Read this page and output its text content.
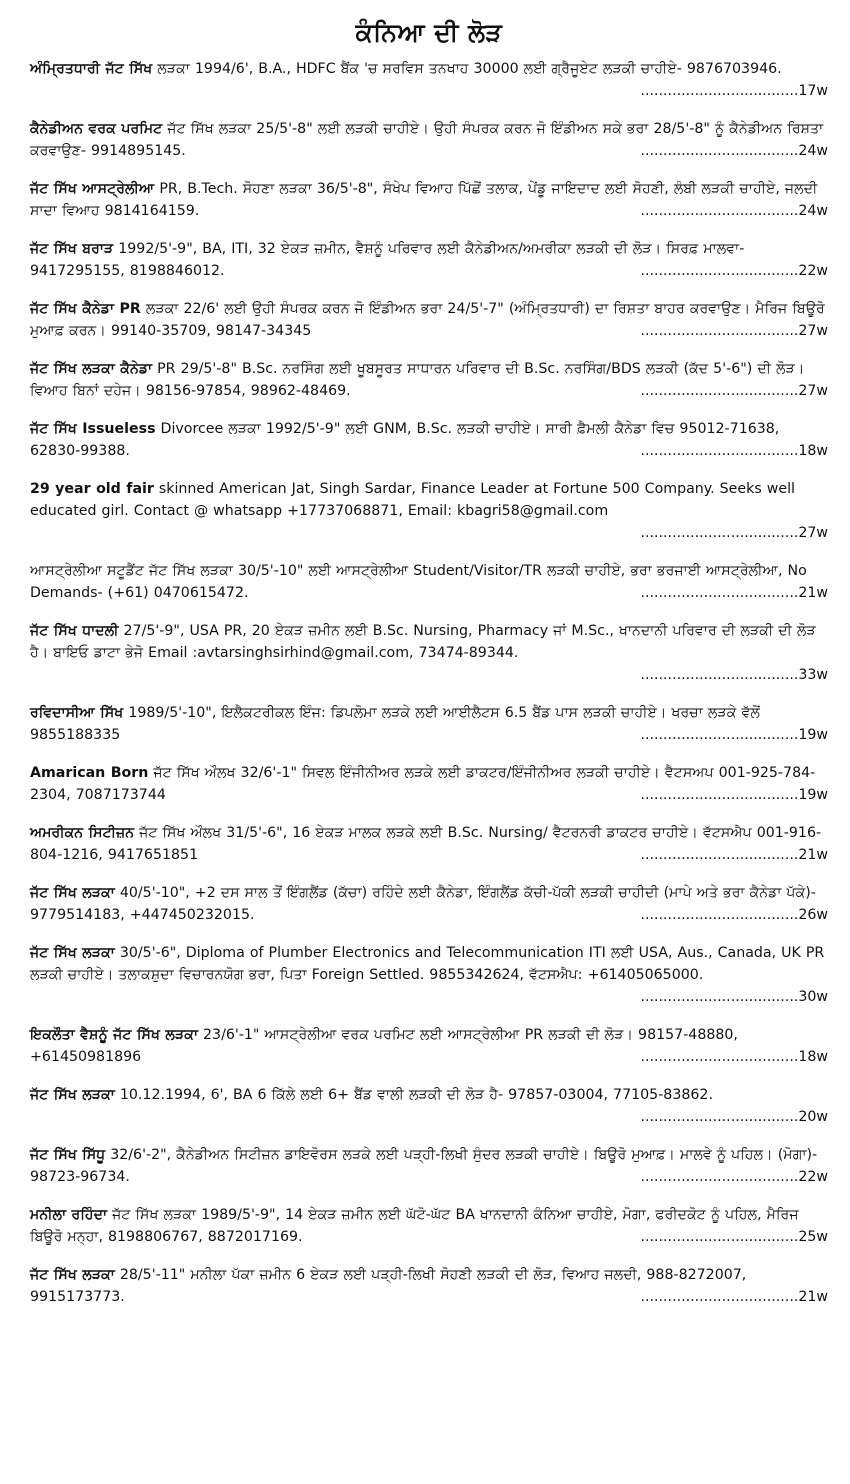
ਕੰਨਿਆ ਦੀ ਲੋੜ
ਅੰਮ੍ਰਿਤਧਾਰੀ ਜੱਟ ਸਿੱਖ ਲੜਕਾ 1994/6', B.A., HDFC ਬੈਂਕ 'ਚ ਸਰਵਿਸ ਤਨਖਾਹ 30000 ਲਈ ਗ੍ਰੈਜੂਏਟ ਲੜਕੀ ਚਾਹੀਏ- 9876703946.
...................................17w
ਕੈਨੇਡੀਅਨ ਵਰਕ ਪਰਮਿਟ ਜੱਟ ਸਿੱਖ ਲੜਕਾ 25/5'-8" ਲਈ ਲੜਕੀ ਚਾਹੀਏ। ਉਹੀ ਸੰਪਰਕ ਕਰਨ ਜੋ ਇੰਡੀਅਨ ਸਕੇ ਭਰਾ 28/5'-8" ਨੂੰ ਕੈਨੇਡੀਅਨ ਰਿਸ਼ਤਾ ਕਰਵਾਉਣ- 9914895145.	...................................24w
ਜੱਟ ਸਿੱਖ ਆਸਟ੍ਰੇਲੀਆ PR, B.Tech. ਸੋਹਣਾ ਲੜਕਾ 36/5'-8", ਸੰਖੇਪ ਵਿਆਹ ਪਿੱਛੋਂ ਤਲਾਕ, ਪੇਂਡੂ ਜਾਇਦਾਦ ਲਈ ਸੋਹਣੀ, ਲੰਬੀ ਲੜਕੀ ਚਾਹੀਏ, ਜਲਦੀ ਸਾਦਾ ਵਿਆਹ 9814164159.	...................................24w
ਜੱਟ ਸਿੱਖ ਬਰਾੜ 1992/5'-9", BA, ITI, 32 ਏਕੜ ਜ਼ਮੀਨ, ਵੈਸ਼ਨੂੰ ਪਰਿਵਾਰ ਲਈ ਕੈਨੇਡੀਅਨ/ਅਮਰੀਕਾ ਲੜਕੀ ਦੀ ਲੋੜ। ਸਿਰਫ਼ ਮਾਲਵਾ- 9417295155, 8198846012.	...................................22w
ਜੱਟ ਸਿੱਖ ਕੈਨੇਡਾ PR ਲੜਕਾ 22/6' ਲਈ ਉਹੀ ਸੰਪਰਕ ਕਰਨ ਜੋ ਇੰਡੀਅਨ ਭਰਾ 24/5'-7" (ਅੰਮ੍ਰਿਤਧਾਰੀ) ਦਾ ਰਿਸ਼ਤਾ ਬਾਹਰ ਕਰਵਾਉਣ। ਮੈਰਿਜ ਬਿਊਰੋ ਮੁਆਫ਼ ਕਰਨ। 99140-35709, 98147-34345	...................................27w
ਜੱਟ ਸਿੱਖ ਲੜਕਾ ਕੈਨੇਡਾ PR 29/5'-8" B.Sc. ਨਰਸਿੰਗ ਲਈ ਖੂਬਸੂਰਤ ਸਾਧਾਰਨ ਪਰਿਵਾਰ ਦੀ B.Sc. ਨਰਸਿੰਗ/BDS ਲੜਕੀ (ਕੱਦ 5'-6") ਦੀ ਲੋੜ। ਵਿਆਹ ਬਿਨਾਂ ਦਹੇਜ। 98156-97854, 98962-48469.	...................................27w
ਜੱਟ ਸਿੱਖ Issueless Divorcee ਲੜਕਾ 1992/5'-9" ਲਈ GNM, B.Sc. ਲੜਕੀ ਚਾਹੀਏ। ਸਾਰੀ ਫ਼ੈਮਲੀ ਕੈਨੇਡਾ ਵਿਚ 95012-71638, 62830-99388.	...................................18w
29 year old fair skinned American Jat, Singh Sardar, Finance Leader at Fortune 500 Company. Seeks well educated girl. Contact @ whatsapp +17737068871, Email: kbagri58@gmail.com
...................................27w
ਆਸਟ੍ਰੇਲੀਆ ਸਟੂਡੈਂਟ ਜੱਟ ਸਿੱਖ ਲੜਕਾ 30/5'-10" ਲਈ ਆਸਟ੍ਰੇਲੀਆ Student/Visitor/TR ਲੜਕੀ ਚਾਹੀਏ, ਭਰਾ ਭਰਜਾਈ ਆਸਟ੍ਰੇਲੀਆ, No Demands- (+61) 0470615472.	...................................21w
ਜੱਟ ਸਿੱਖ ਧਾਦਲੀ 27/5'-9", USA PR, 20 ਏਕੜ ਜ਼ਮੀਨ ਲਈ B.Sc. Nursing, Pharmacy ਜਾਂ M.Sc., ਖਾਨਦਾਨੀ ਪਰਿਵਾਰ ਦੀ ਲੜਕੀ ਦੀ ਲੋੜ ਹੈ। ਬਾਇਓ ਡਾਟਾ ਭੇਜੋ Email :avtarsinghsirhind@gmail.com, 73474-89344.
...................................33w
ਰਵਿਦਾਸੀਆ ਸਿੱਖ 1989/5'-10", ਇਲੈਕਟਰੀਕਲ ਇੰਜ: ਡਿਪਲੋਮਾ ਲੜਕੇ ਲਈ ਆਈਲੈਟਸ 6.5 ਬੈਂਡ ਪਾਸ ਲੜਕੀ ਚਾਹੀਏ। ਖਰਚਾ ਲੜਕੇ ਵੱਲੋਂ 9855188335	...................................19w
Amarican Born ਜੱਟ ਸਿੱਖ ਔਲਖ 32/6'-1" ਸਿਵਲ ਇੰਜੀਨੀਅਰ ਲੜਕੇ ਲਈ ਡਾਕਟਰ/ਇੰਜੀਨੀਅਰ ਲੜਕੀ ਚਾਹੀਏ। ਵੈਟਸਅਪ 001-925-784-2304, 7087173744	...................................19w
ਅਮਰੀਕਨ ਸਿਟੀਜ਼ਨ ਜੱਟ ਸਿੱਖ ਔਲਖ 31/5'-6", 16 ਏਕੜ ਮਾਲਕ ਲੜਕੇ ਲਈ B.Sc. Nursing/ ਵੈਟਰਨਰੀ ਡਾਕਟਰ ਚਾਹੀਏ। ਵੱਟਸਐਪ 001-916-804-1216, 9417651851	...................................21w
ਜੱਟ ਸਿੱਖ ਲੜਕਾ 40/5'-10", +2 ਦਸ ਸਾਲ ਤੋਂ ਇੰਗਲੈਂਡ (ਕੱਚਾ) ਰਹਿੰਦੇ ਲਈ ਕੈਨੇਡਾ, ਇੰਗਲੈਂਡ ਕੱਚੀ-ਪੱਕੀ ਲੜਕੀ ਚਾਹੀਦੀ (ਮਾਪੇ ਅਤੇ ਭਰਾ ਕੈਨੇਡਾ ਪੱਕੇ)- 9779514183, +447450232015.	...................................26w
ਜੱਟ ਸਿੱਖ ਲੜਕਾ 30/5'-6", Diploma of Plumber Electronics and Telecommunication ITI ਲਈ USA, Aus., Canada, UK PR ਲੜਕੀ ਚਾਹੀਏ। ਤਲਾਕਸ਼ੁਦਾ ਵਿਚਾਰਨਯੋਗ ਭਰਾ, ਪਿਤਾ Foreign Settled. 9855342624, ਵੱਟਸਐਪ: +61405065000.
...................................30w
ਇਕਲੌਤਾ ਵੈਸ਼ਨੂੰ ਜੱਟ ਸਿੱਖ ਲੜਕਾ 23/6'-1" ਆਸਟ੍ਰੇਲੀਆ ਵਰਕ ਪਰਮਿਟ ਲਈ ਆਸਟ੍ਰੇਲੀਆ PR ਲੜਕੀ ਦੀ ਲੋੜ। 98157-48880, +61450981896	...................................18w
ਜੱਟ ਸਿੱਖ ਲੜਕਾ 10.12.1994, 6', BA 6 ਕਿੱਲੇ ਲਈ 6+ ਬੈਂਡ ਵਾਲੀ ਲੜਕੀ ਦੀ ਲੋੜ ਹੈ- 97857-03004, 77105-83862.
...................................20w
ਜੱਟ ਸਿੱਖ ਸਿੱਧੂ 32/6'-2", ਕੈਨੇਡੀਅਨ ਸਿਟੀਜ਼ਨ ਡਾਇਵੋਰਸ ਲੜਕੇ ਲਈ ਪੜ੍ਹੀ-ਲਿਖੀ ਸੁੰਦਰ ਲੜਕੀ ਚਾਹੀਏ। ਬਿਊਰੋ ਮੁਆਫ਼। ਮਾਲਵੇ ਨੂੰ ਪਹਿਲ। (ਮੋਗਾ)- 98723-96734.	...................................22w
ਮਨੀਲਾ ਰਹਿੰਦਾ ਜੱਟ ਸਿੱਖ ਲੜਕਾ 1989/5'-9", 14 ਏਕੜ ਜ਼ਮੀਨ ਲਈ ਘੱਟੋ-ਘੱਟ BA ਖਾਨਦਾਨੀ ਕੰਨਿਆ ਚਾਹੀਏ, ਮੋਗਾ, ਫਰੀਦਕੋਟ ਨੂੰ ਪਹਿਲ, ਮੈਰਿਜ ਬਿਊਰੋ ਮਨ੍ਹਾ, 8198806767, 8872017169.	...................................25w
ਜੱਟ ਸਿੱਖ ਲੜਕਾ 28/5'-11" ਮਨੀਲਾ ਪੱਕਾ ਜ਼ਮੀਨ 6 ਏਕੜ ਲਈ ਪੜ੍ਹੀ-ਲਿਖੀ ਸੋਹਣੀ ਲੜਕੀ ਦੀ ਲੋੜ, ਵਿਆਹ ਜਲਦੀ, 988-8272007, 9915173773.	...................................21w
